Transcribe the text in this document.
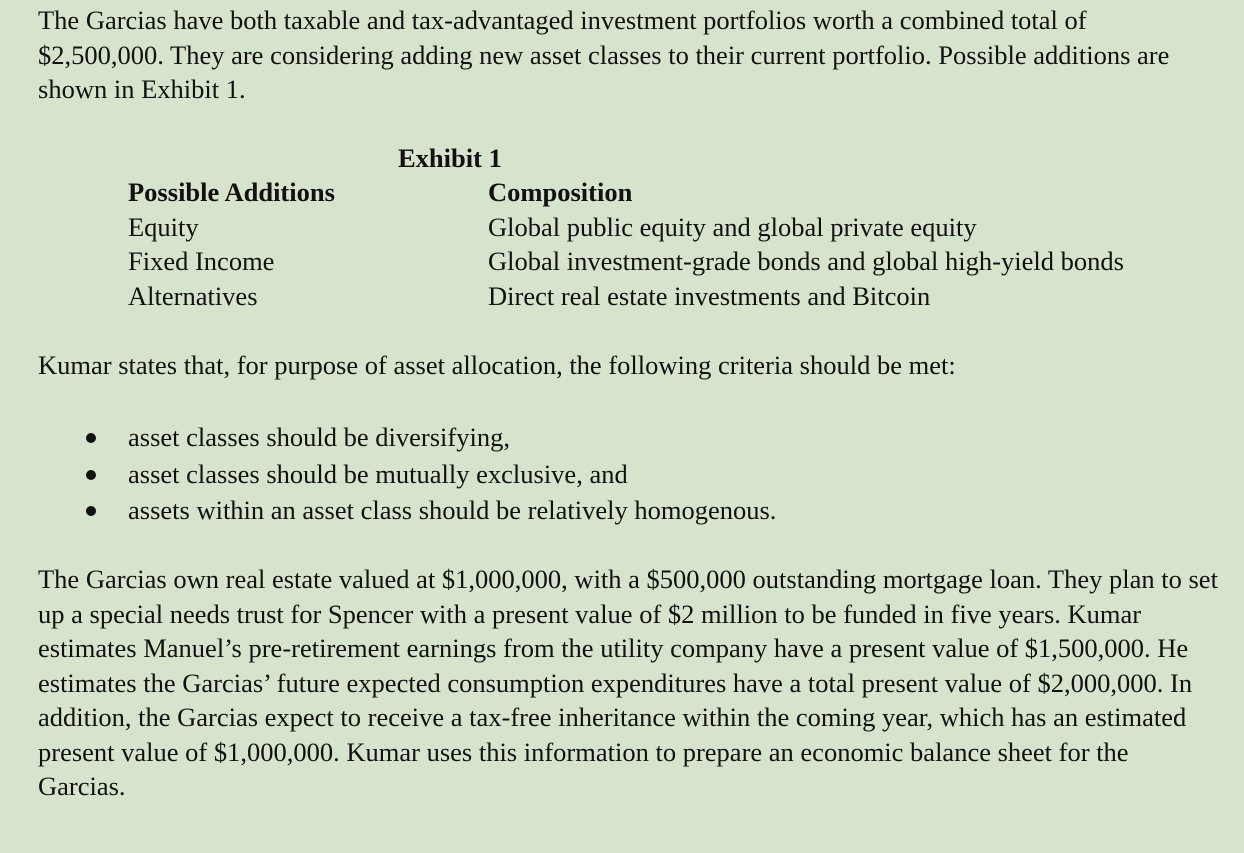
The Garcias have both taxable and tax-advantaged investment portfolios worth a combined total of $2,500,000. They are considering adding new asset classes to their current portfolio. Possible additions are shown in Exhibit 1.

Exhibit 1
Possible Additions	Composition
Equity	Global public equity and global private equity
Fixed Income	Global investment-grade bonds and global high-yield bonds
Alternatives	Direct real estate investments and Bitcoin

Kumar states that, for purpose of asset allocation, the following criteria should be met:

asset classes should be diversifying,
asset classes should be mutually exclusive, and
assets within an asset class should be relatively homogenous.

The Garcias own real estate valued at $1,000,000, with a $500,000 outstanding mortgage loan. They plan to set up a special needs trust for Spencer with a present value of $2 million to be funded in five years. Kumar estimates Manuel’s pre-retirement earnings from the utility company have a present value of $1,500,000. He estimates the Garcias’ future expected consumption expenditures have a total present value of $2,000,000. In addition, the Garcias expect to receive a tax-free inheritance within the coming year, which has an estimated present value of $1,000,000. Kumar uses this information to prepare an economic balance sheet for the Garcias.
